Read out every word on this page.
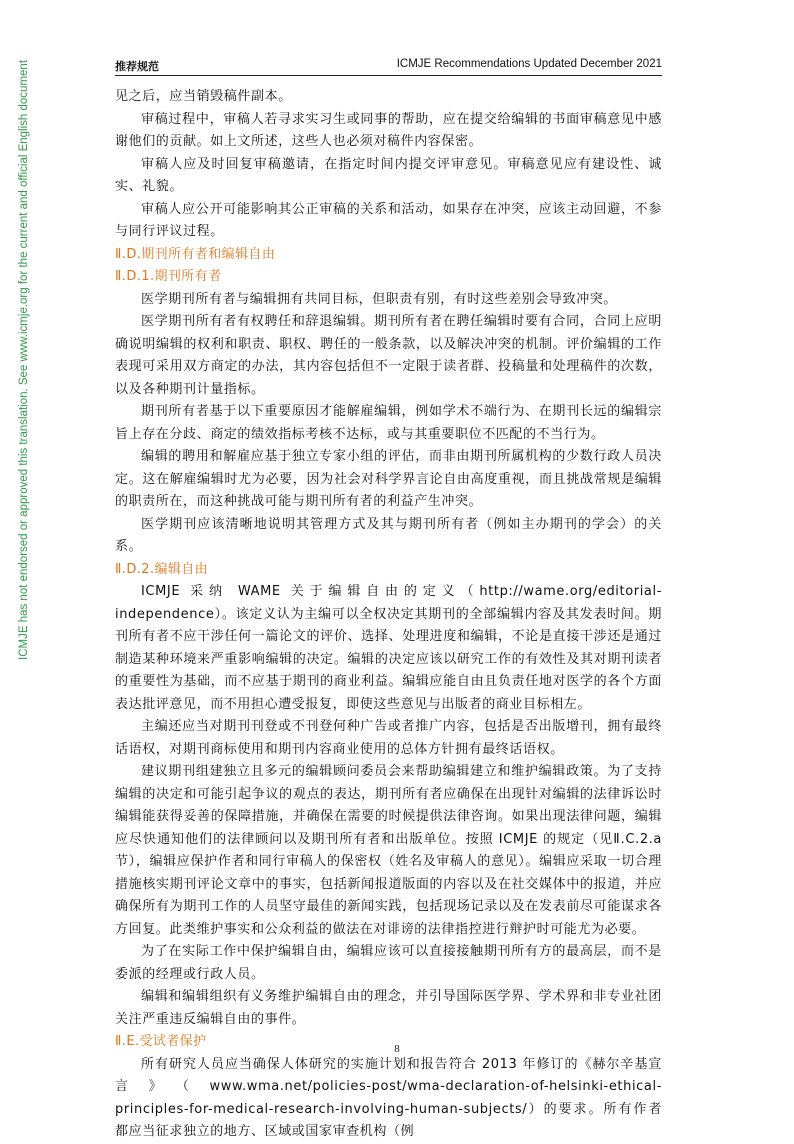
推荐规范	ICMJE Recommendations Updated December 2021
ICMJE has not endorsed or approved this translation. See www.icmje.org for the current and official English document	见之后，应当销毁稿件副本。

审稿过程中，审稿人若寻求实习生或同事的帮助，应在提交给编辑的书面审稿意见中感谢他们的贡献。如上文所述，这些人也必须对稿件内容保密。

审稿人应及时回复审稿邀请，在指定时间内提交评审意见。审稿意见应有建设性、诚实、礼貌。

审稿人应公开可能影响其公正审稿的关系和活动，如果存在冲突，应该主动回避，不参与同行评议过程。

Ⅱ.D.期刊所有者和编辑自由

Ⅱ.D.1.期刊所有者

医学期刊所有者与编辑拥有共同目标，但职责有别，有时这些差别会导致冲突。

医学期刊所有者有权聘任和辞退编辑。期刊所有者在聘任编辑时要有合同，合同上应明确说明编辑的权利和职责、职权、聘任的一般条款，以及解决冲突的机制。评价编辑的工作表现可采用双方商定的办法，其内容包括但不一定限于读者群、投稿量和处理稿件的次数，以及各种期刊计量指标。

期刊所有者基于以下重要原因才能解雇编辑，例如学术不端行为、在期刊长远的编辑宗旨上存在分歧、商定的绩效指标考核不达标，或与其重要职位不匹配的不当行为。

编辑的聘用和解雇应基于独立专家小组的评估，而非由期刊所属机构的少数行政人员决定。这在解雇编辑时尤为必要，因为社会对科学界言论自由高度重视，而且挑战常规是编辑的职责所在，而这种挑战可能与期刊所有者的利益产生冲突。

医学期刊应该清晰地说明其管理方式及其与期刊所有者（例如主办期刊的学会）的关系。

Ⅱ.D.2.编辑自由

ICMJE 采纳 WAME 关于编辑自由的定义（http://wame.org/editorial-independence）。该定义认为主编可以全权决定其期刊的全部编辑内容及其发表时间。期刊所有者不应干涉任何一篇论文的评价、选择、处理进度和编辑，不论是直接干涉还是通过制造某种环境来严重影响编辑的决定。编辑的决定应该以研究工作的有效性及其对期刊读者的重要性为基础，而不应基于期刊的商业利益。编辑应能自由且负责任地对医学的各个方面表达批评意见，而不用担心遭受报复，即使这些意见与出版者的商业目标相左。

主编还应当对期刊刊登或不刊登何种广告或者推广内容，包括是否出版增刊，拥有最终话语权，对期刊商标使用和期刊内容商业使用的总体方针拥有最终话语权。

建议期刊组建独立且多元的编辑顾问委员会来帮助编辑建立和维护编辑政策。为了支持编辑的决定和可能引起争议的观点的表达，期刊所有者应确保在出现针对编辑的法律诉讼时编辑能获得妥善的保障措施，并确保在需要的时候提供法律咨询。如果出现法律问题，编辑应尽快通知他们的法律顾问以及期刊所有者和出版单位。按照 ICMJE 的规定（见Ⅱ.C.2.a 节），编辑应保护作者和同行审稿人的保密权（姓名及审稿人的意见）。编辑应采取一切合理措施核实期刊评论文章中的事实，包括新闻报道版面的内容以及在社交媒体中的报道，并应确保所有为期刊工作的人员坚守最佳的新闻实践，包括现场记录以及在发表前尽可能谋求各方回复。此类维护事实和公众利益的做法在对诽谤的法律指控进行辩护时可能尤为必要。

为了在实际工作中保护编辑自由，编辑应该可以直接接触期刊所有方的最高层，而不是委派的经理或行政人员。

编辑和编辑组织有义务维护编辑自由的理念，并引导国际医学界、学术界和非专业社团关注严重违反编辑自由的事件。

Ⅱ.E.受试者保护

所有研究人员应当确保人体研究的实施计划和报告符合 2013 年修订的《赫尔辛基宣言》（www.wma.net/policies-post/wma-declaration-of-helsinki-ethical-principles-for-medical-research-involving-human-subjects/）的要求。所有作者都应当征求独立的地方、区域或国家审查机构（例

8
